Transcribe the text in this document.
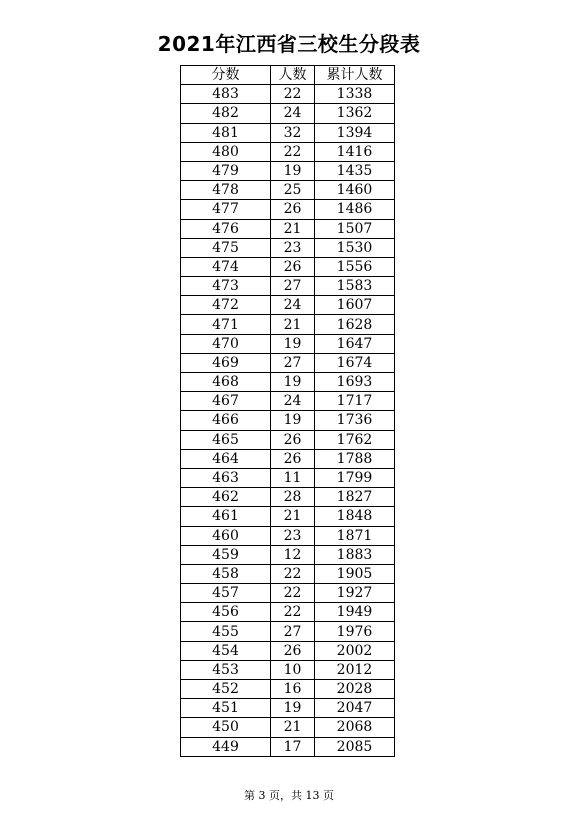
2021年江西省三校生分段表
分数	人数	累计人数
483	22	1338
482	24	1362
481	32	1394
480	22	1416
479	19	1435
478	25	1460
477	26	1486
476	21	1507
475	23	1530
474	26	1556
473	27	1583
472	24	1607
471	21	1628
470	19	1647
469	27	1674
468	19	1693
467	24	1717
466	19	1736
465	26	1762
464	26	1788
463	11	1799
462	28	1827
461	21	1848
460	23	1871
459	12	1883
458	22	1905
457	22	1927
456	22	1949
455	27	1976
454	26	2002
453	10	2012
452	16	2028
451	19	2047
450	21	2068
449	17	2085
第 3 页，共 13 页
